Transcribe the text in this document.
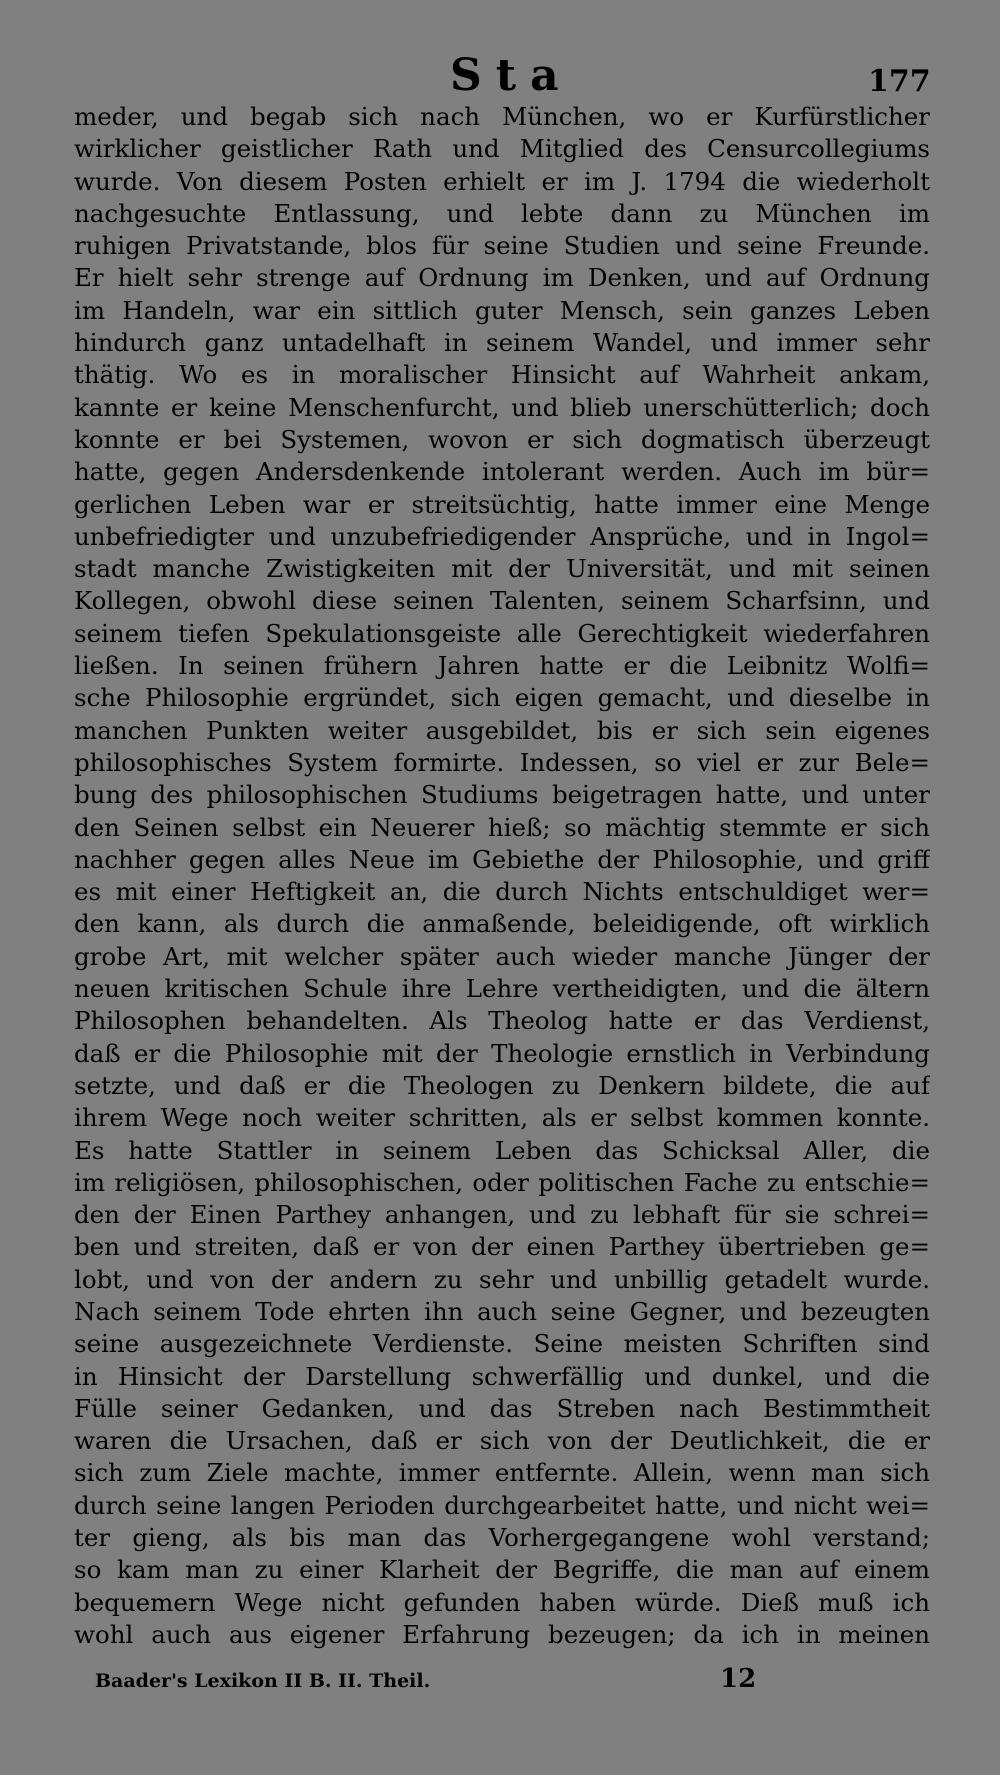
Sta	177
meder, und begab sich nach München, wo er Kurfürstlicher
wirklicher geistlicher Rath und Mitglied des Censurcollegiums
wurde. Von diesem Posten erhielt er im J. 1794 die wiederholt
nachgesuchte Entlassung, und lebte dann zu München im
ruhigen Privatstande, blos für seine Studien und seine Freunde.
Er hielt sehr strenge auf Ordnung im Denken, und auf Ordnung
im Handeln, war ein sittlich guter Mensch, sein ganzes Leben
hindurch ganz untadelhaft in seinem Wandel, und immer sehr
thätig. Wo es in moralischer Hinsicht auf Wahrheit ankam,
kannte er keine Menschenfurcht, und blieb unerschütterlich; doch
konnte er bei Systemen, wovon er sich dogmatisch überzeugt
hatte, gegen Andersdenkende intolerant werden. Auch im bür=
gerlichen Leben war er streitsüchtig, hatte immer eine Menge
unbefriedigter und unzubefriedigender Ansprüche, und in Ingol=
stadt manche Zwistigkeiten mit der Universität, und mit seinen
Kollegen, obwohl diese seinen Talenten, seinem Scharfsinn, und
seinem tiefen Spekulationsgeiste alle Gerechtigkeit wiederfahren
ließen. In seinen frühern Jahren hatte er die Leibnitz Wolfi=
sche Philosophie ergründet, sich eigen gemacht, und dieselbe in
manchen Punkten weiter ausgebildet, bis er sich sein eigenes
philosophisches System formirte. Indessen, so viel er zur Bele=
bung des philosophischen Studiums beigetragen hatte, und unter
den Seinen selbst ein Neuerer hieß; so mächtig stemmte er sich
nachher gegen alles Neue im Gebiethe der Philosophie, und griff
es mit einer Heftigkeit an, die durch Nichts entschuldiget wer=
den kann, als durch die anmaßende, beleidigende, oft wirklich
grobe Art, mit welcher später auch wieder manche Jünger der
neuen kritischen Schule ihre Lehre vertheidigten, und die ältern
Philosophen behandelten. Als Theolog hatte er das Verdienst,
daß er die Philosophie mit der Theologie ernstlich in Verbindung
setzte, und daß er die Theologen zu Denkern bildete, die auf
ihrem Wege noch weiter schritten, als er selbst kommen konnte.
Es hatte Stattler in seinem Leben das Schicksal Aller, die
im religiösen, philosophischen, oder politischen Fache zu entschie=
den der Einen Parthey anhangen, und zu lebhaft für sie schrei=
ben und streiten, daß er von der einen Parthey übertrieben ge=
lobt, und von der andern zu sehr und unbillig getadelt wurde.
Nach seinem Tode ehrten ihn auch seine Gegner, und bezeugten
seine ausgezeichnete Verdienste. Seine meisten Schriften sind
in Hinsicht der Darstellung schwerfällig und dunkel, und die
Fülle seiner Gedanken, und das Streben nach Bestimmtheit
waren die Ursachen, daß er sich von der Deutlichkeit, die er
sich zum Ziele machte, immer entfernte. Allein, wenn man sich
durch seine langen Perioden durchgearbeitet hatte, und nicht wei=
ter gieng, als bis man das Vorhergegangene wohl verstand;
so kam man zu einer Klarheit der Begriffe, die man auf einem
bequemern Wege nicht gefunden haben würde. Dieß muß ich
wohl auch aus eigener Erfahrung bezeugen; da ich in meinen
Baader's Lexikon II B. II. Theil.	12
